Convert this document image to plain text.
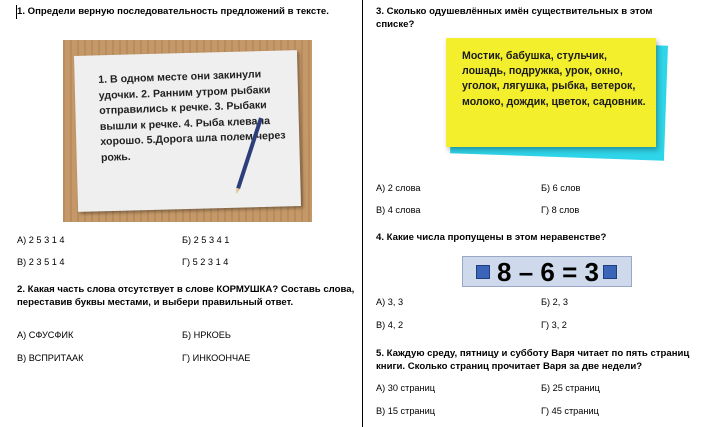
1. Определи верную последовательность предложений в тексте.
1. В одном месте они закинули удочки. 2. Ранним утром рыбаки отправились к речке. 3. Рыбаки вышли к речке. 4. Рыба клевала хорошо. 5.Дорога шла полем через рожь.
А) 2 5 3 1 4	Б) 2 5 3 4 1
В) 2 3 5 1 4	Г) 5 2 3 1 4
2. Какая часть слова отсутствует в слове КОРМУШКА? Составь слова, переставив буквы местами, и выбери правильный ответ.
А) СФУСФИК	Б) НРКОЕЬ
В) ВСПРИТААК	Г) ИНКООНЧАЕ
3. Сколько одушевлённых имён существительных в этом списке?
Мостик, бабушка, стульчик, лошадь, подружка, урок, окно, уголок, лягушка, рыбка, ветерок, молоко, дождик, цветок, садовник.
А) 2 слова	Б) 6 слов
В) 4 слова	Г) 8 слов
4. Какие числа пропущены в этом неравенстве?
8 – 6 = 3
А) 3, 3	Б) 2, 3
В) 4, 2	Г) 3, 2
5. Каждую среду, пятницу и субботу Варя читает по пять страниц книги. Сколько страниц прочитает Варя за две недели?
А) 30 страниц	Б) 25 страниц
В) 15 страниц	Г) 45 страниц
